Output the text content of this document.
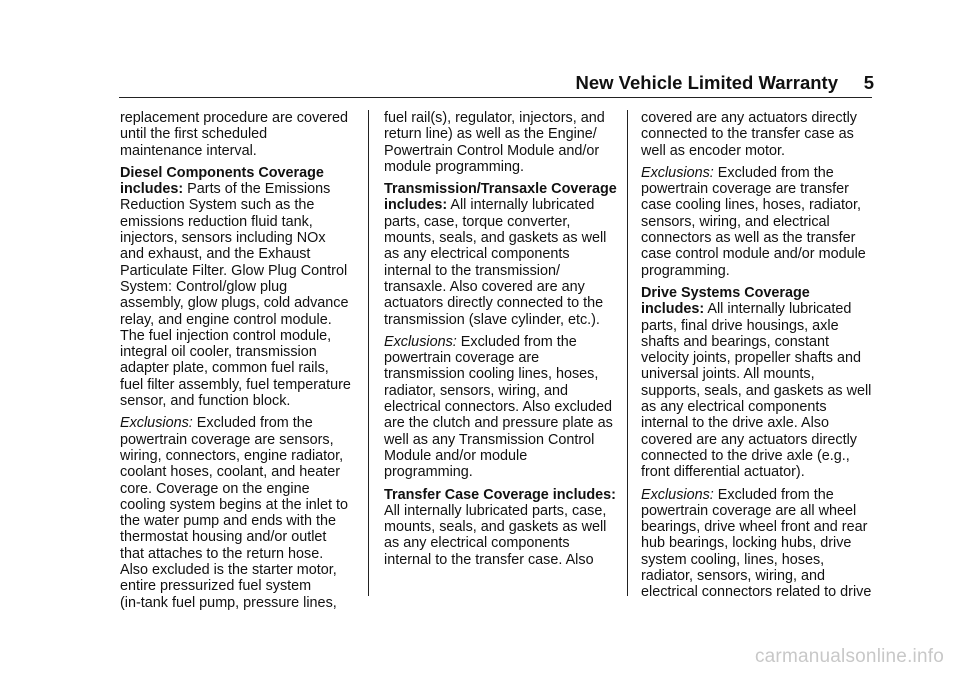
New Vehicle Limited Warranty 5

replacement procedure are covered
until the first scheduled
maintenance interval.

Diesel Components Coverage
includes: Parts of the Emissions
Reduction System such as the
emissions reduction fluid tank,
injectors, sensors including NOx
and exhaust, and the Exhaust
Particulate Filter. Glow Plug Control
System: Control/glow plug
assembly, glow plugs, cold advance
relay, and engine control module.
The fuel injection control module,
integral oil cooler, transmission
adapter plate, common fuel rails,
fuel filter assembly, fuel temperature
sensor, and function block.

Exclusions: Excluded from the
powertrain coverage are sensors,
wiring, connectors, engine radiator,
coolant hoses, coolant, and heater
core. Coverage on the engine
cooling system begins at the inlet to
the water pump and ends with the
thermostat housing and/or outlet
that attaches to the return hose.
Also excluded is the starter motor,
entire pressurized fuel system
(in-tank fuel pump, pressure lines,

fuel rail(s), regulator, injectors, and
return line) as well as the Engine/
Powertrain Control Module and/or
module programming.

Transmission/Transaxle Coverage
includes: All internally lubricated
parts, case, torque converter,
mounts, seals, and gaskets as well
as any electrical components
internal to the transmission/
transaxle. Also covered are any
actuators directly connected to the
transmission (slave cylinder, etc.).

Exclusions: Excluded from the
powertrain coverage are
transmission cooling lines, hoses,
radiator, sensors, wiring, and
electrical connectors. Also excluded
are the clutch and pressure plate as
well as any Transmission Control
Module and/or module
programming.

Transfer Case Coverage includes:
All internally lubricated parts, case,
mounts, seals, and gaskets as well
as any electrical components
internal to the transfer case. Also

covered are any actuators directly
connected to the transfer case as
well as encoder motor.

Exclusions: Excluded from the
powertrain coverage are transfer
case cooling lines, hoses, radiator,
sensors, wiring, and electrical
connectors as well as the transfer
case control module and/or module
programming.

Drive Systems Coverage
includes: All internally lubricated
parts, final drive housings, axle
shafts and bearings, constant
velocity joints, propeller shafts and
universal joints. All mounts,
supports, seals, and gaskets as well
as any electrical components
internal to the drive axle. Also
covered are any actuators directly
connected to the drive axle (e.g.,
front differential actuator).

Exclusions: Excluded from the
powertrain coverage are all wheel
bearings, drive wheel front and rear
hub bearings, locking hubs, drive
system cooling, lines, hoses,
radiator, sensors, wiring, and
electrical connectors related to drive

carmanualsonline.info
